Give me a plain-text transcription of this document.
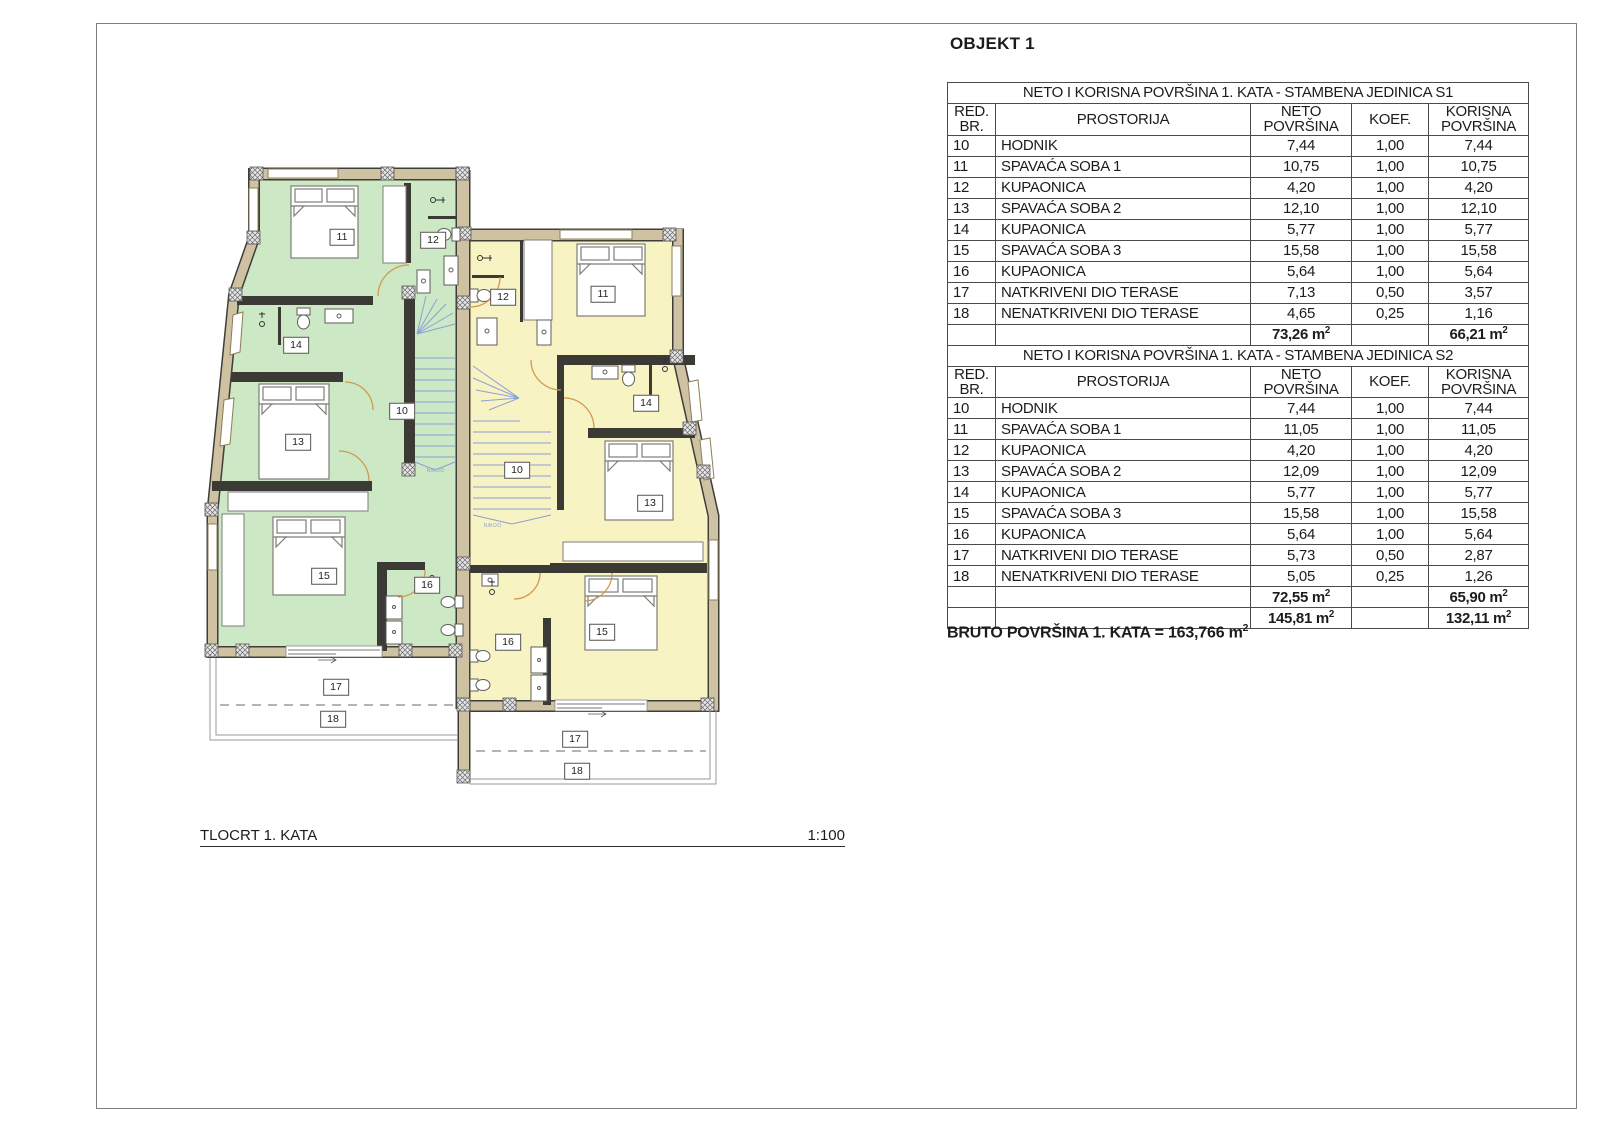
11	12
14
13
10
15
16
17
18
12	11
14
13
10
15
16
17
18
DOWN
DOWN
OBJEKT 1
NETO I KORISNA POVRŠINA 1. KATA - STAMBENA JEDINICA S1				
RED.
BR.	PROSTORIJA	NETO
POVRŠINA	KOEF.	KORISNA
POVRŠINA
10	HODNIK	7,44	1,00	7,44
11	SPAVAĆA SOBA 1	10,75	1,00	10,75
12	KUPAONICA	4,20	1,00	4,20
13	SPAVAĆA SOBA 2	12,10	1,00	12,10
14	KUPAONICA	5,77	1,00	5,77
15	SPAVAĆA SOBA 3	15,58	1,00	15,58
16	KUPAONICA	5,64	1,00	5,64
17	NATKRIVENI DIO TERASE	7,13	0,50	3,57
18	NENATKRIVENI DIO TERASE	4,65	0,25	1,16
		73,26 $m^2$		66,21 $m^2$
NETO I KORISNA POVRŠINA 1. KATA - STAMBENA JEDINICA S2				
RED.
BR.	PROSTORIJA	NETO
POVRŠINA	KOEF.	KORISNA
POVRŠINA
10	HODNIK	7,44	1,00	7,44
11	SPAVAĆA SOBA 1	11,05	1,00	11,05
12	KUPAONICA	4,20	1,00	4,20
13	SPAVAĆA SOBA 2	12,09	1,00	12,09
14	KUPAONICA	5,77	1,00	5,77
15	SPAVAĆA SOBA 3	15,58	1,00	15,58
16	KUPAONICA	5,64	1,00	5,64
17	NATKRIVENI DIO TERASE	5,73	0,50	2,87
18	NENATKRIVENI DIO TERASE	5,05	0,25	1,26
		72,55 $m^2$		65,90 $m^2$
		145,81 $m^2$		132,11 $m^2$
BRUTO POVRŠINA 1. KATA = 163,766 $m^2$
TLOCRT 1. KATA	1:100
